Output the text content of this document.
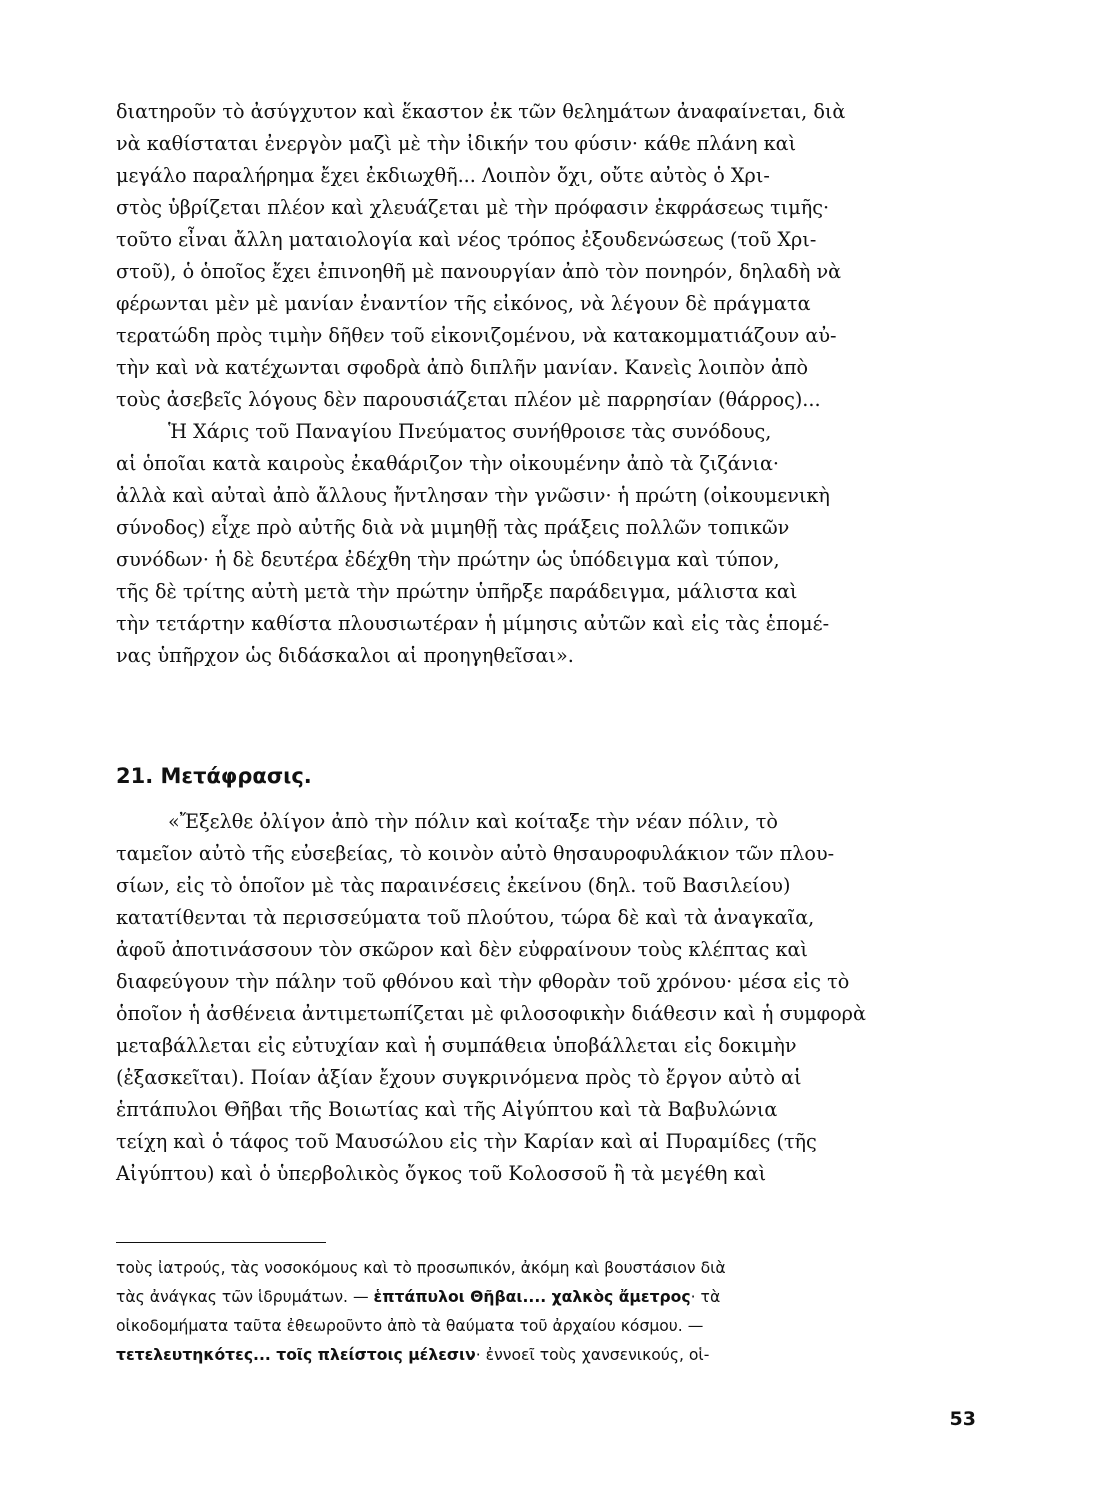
διατηροῦν τὸ ἀσύγχυτον καὶ ἕκαστον ἐκ τῶν θεληµάτων ἀναφαίνεται, διὰ
νὰ καθίσταται ἐνεργὸν μαζὶ μὲ τὴν ἰδικήν του φύσιν· κάθε πλάνη καὶ
μεγάλο παραλήρημα ἔχει ἐκδιωχθῆ... Λοιπὸν ὄχι, οὔτε αὐτὸς ὁ Χρι-
στὸς ὑβρίζεται πλέον καὶ χλευάζεται μὲ τὴν πρόφασιν ἐκφράσεως τιμῆς·
τοῦτο εἶναι ἄλλη ματαιολογία καὶ νέος τρόπος ἐξουδενώσεως (τοῦ Χρι-
στοῦ), ὁ ὁποῖος ἔχει ἐπινοηθῆ μὲ πανουργίαν ἀπὸ τὸν πονηρόν, δηλαδὴ νὰ
φέρωνται μὲν μὲ μανίαν ἐναντίον τῆς εἰκόνος, νὰ λέγουν δὲ πράγματα
τερατώδη πρὸς τιμὴν δῆθεν τοῦ εἰκονιζομένου, νὰ κατακομματιάζουν αὐ-
τὴν καὶ νὰ κατέχωνται σφοδρὰ ἀπὸ διπλῆν μανίαν. Κανεὶς λοιπὸν ἀπὸ
τοὺς ἀσεβεῖς λόγους δὲν παρουσιάζεται πλέον μὲ παρρησίαν (θάρρος)...
Ἡ Χάρις τοῦ Παναγίου Πνεύματος συνήθροισε τὰς συνόδους,
αἱ ὁποῖαι κατὰ καιροὺς ἐκαθάριζον τὴν οἰκουμένην ἀπὸ τὰ ζιζάνια·
ἀλλὰ καὶ αὐταὶ ἀπὸ ἄλλους ἤντλησαν τὴν γνῶσιν· ἡ πρώτη (οἰκουμενικὴ
σύνοδος) εἶχε πρὸ αὐτῆς διὰ νὰ μιμηθῇ τὰς πράξεις πολλῶν τοπικῶν
συνόδων· ἡ δὲ δευτέρα ἐδέχθη τὴν πρώτην ὡς ὑπόδειγμα καὶ τύπον,
τῆς δὲ τρίτης αὐτὴ μετὰ τὴν πρώτην ὑπῆρξε παράδειγμα, μάλιστα καὶ
τὴν τετάρτην καθίστα πλουσιωτέραν ἡ μίμησις αὐτῶν καὶ εἰς τὰς ἑπομέ-
νας ὑπῆρχον ὡς διδάσκαλοι αἱ προηγηθεῖσαι».
21. Μετάφρασις.
«Ἔξελθε ὀλίγον ἀπὸ τὴν πόλιν καὶ κοίταξε τὴν νέαν πόλιν, τὸ
ταμεῖον αὐτὸ τῆς εὐσεβείας, τὸ κοινὸν αὐτὸ θησαυροφυλάκιον τῶν πλου-
σίων, εἰς τὸ ὁποῖον μὲ τὰς παραινέσεις ἐκείνου (δηλ. τοῦ Βασιλείου)
κατατίθενται τὰ περισσεύματα τοῦ πλούτου, τώρα δὲ καὶ τὰ ἀναγκαῖα,
ἀφοῦ ἀποτινάσσουν τὸν σκῶρον καὶ δὲν εὐφραίνουν τοὺς κλέπτας καὶ
διαφεύγουν τὴν πάλην τοῦ φθόνου καὶ τὴν φθορὰν τοῦ χρόνου· μέσα εἰς τὸ
ὁποῖον ἡ ἀσθένεια ἀντιμετωπίζεται μὲ φιλοσοφικὴν διάθεσιν καὶ ἡ συμφορὰ
μεταβάλλεται εἰς εὐτυχίαν καὶ ἡ συμπάθεια ὑποβάλλεται εἰς δοκιμὴν
(ἐξασκεῖται). Ποίαν ἀξίαν ἔχουν συγκρινόμενα πρὸς τὸ ἔργον αὐτὸ αἱ
ἑπτάπυλοι Θῆβαι τῆς Βοιωτίας καὶ τῆς Αἰγύπτου καὶ τὰ Βαβυλώνια
τείχη καὶ ὁ τάφος τοῦ Μαυσώλου εἰς τὴν Καρίαν καὶ αἱ Πυραμίδες (τῆς
Αἰγύπτου) καὶ ὁ ὑπερβολικὸς ὄγκος τοῦ Κολοσσοῦ ἢ τὰ μεγέθη καὶ
τοὺς ἰατρούς, τὰς νοσοκόμους καὶ τὸ προσωπικόν, ἀκόμη καὶ βουστάσιον διὰ
τὰς ἀνάγκας τῶν ἱδρυμάτων. — ἑπτάπυλοι Θῆβαι.... χαλκὸς ἄμετρος· τὰ
οἰκοδομήματα ταῦτα ἐθεωροῦντο ἀπὸ τὰ θαύματα τοῦ ἀρχαίου κόσμου. —
τετελευτηκότες... τοῖς πλείστοις μέλεσιν· ἐννοεῖ τοὺς χανσενικούς, οἱ-
53
